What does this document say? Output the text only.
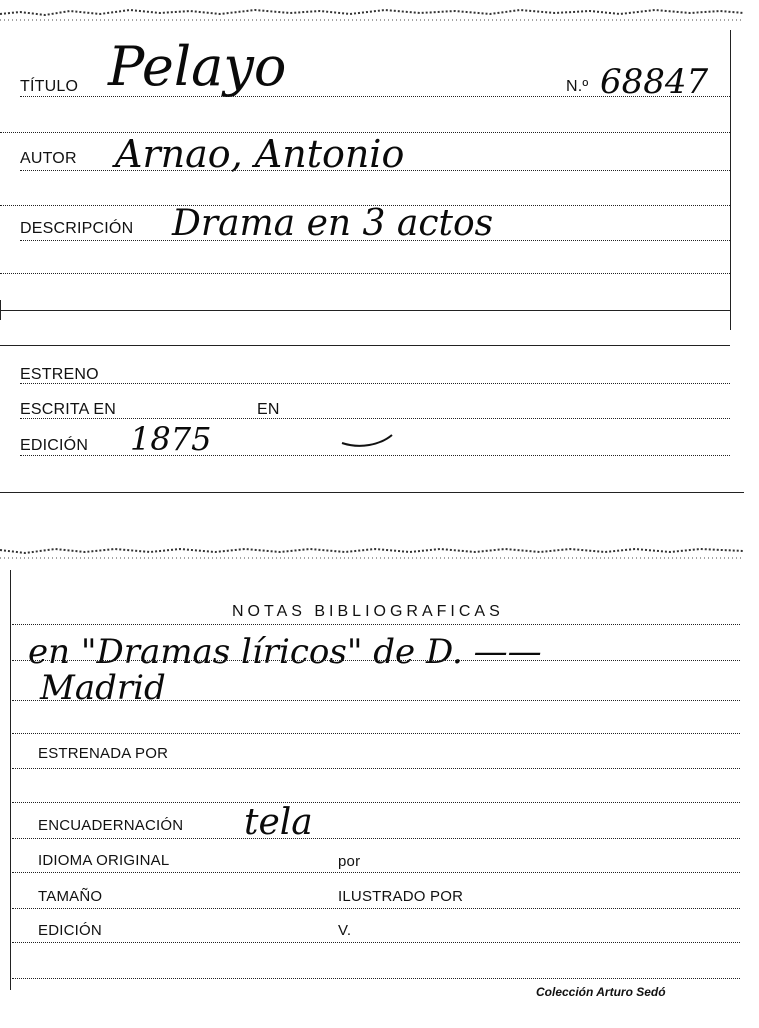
TÍTULO Pelayo	N.º 68847
AUTOR Arnao, Antonio
DESCRIPCIÓN Drama en 3 actos
ESTRENO
ESCRITA EN	EN
EDICIÓN 1875
NOTAS BIBLIOGRAFICAS
en "Dramas líricos" de D. ——
Madrid
ESTRENADA POR
ENCUADERNACIÓN tela
IDIOMA ORIGINAL	por
TAMAÑO	ILUSTRADO POR
EDICIÓN	V.
Colección Arturo Sedó
